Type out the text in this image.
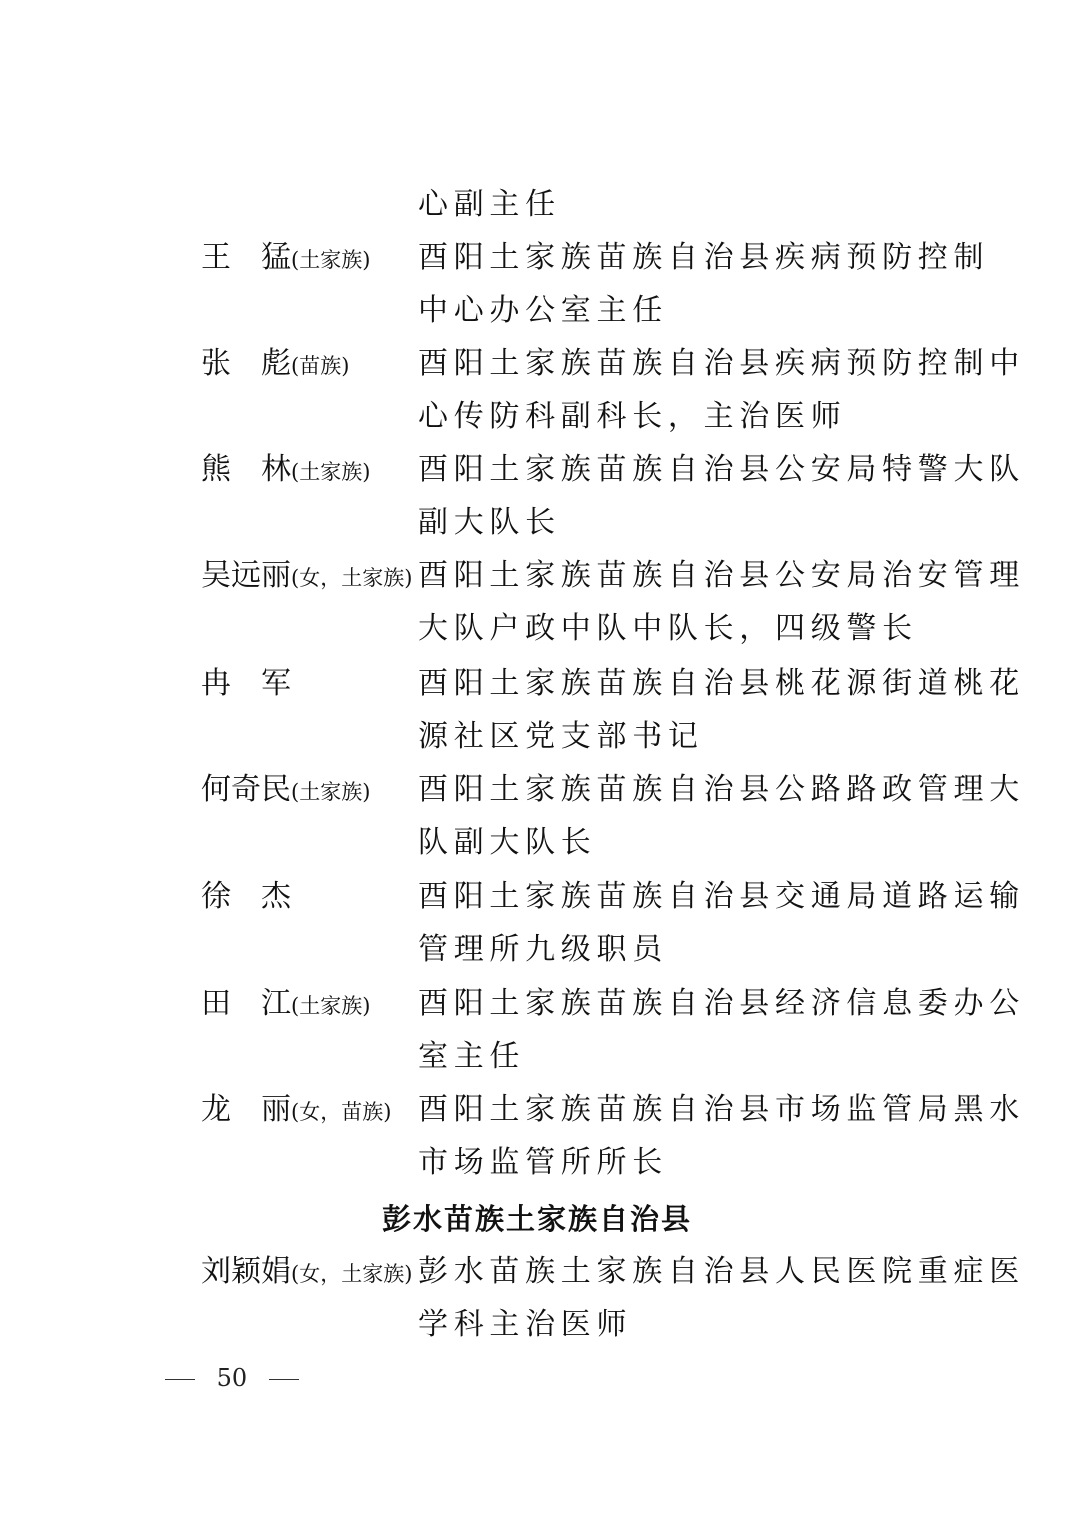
心副主任
王　猛(土家族)	酉阳土家族苗族自治县疾病预防控制
中心办公室主任
张　彪(苗族)	酉阳土家族苗族自治县疾病预防控制中
心传防科副科长，主治医师
熊　林(土家族)	酉阳土家族苗族自治县公安局特警大队
副大队长
吴远丽(女，土家族) 酉阳土家族苗族自治县公安局治安管理
大队户政中队中队长，四级警长
冉　军	酉阳土家族苗族自治县桃花源街道桃花
源社区党支部书记
何奇民(土家族)	酉阳土家族苗族自治县公路路政管理大
队副大队长
徐　杰	酉阳土家族苗族自治县交通局道路运输
管理所九级职员
田　江(土家族)	酉阳土家族苗族自治县经济信息委办公
室主任
龙　丽(女，苗族) 酉阳土家族苗族自治县市场监管局黑水
市场监管所所长
彭水苗族土家族自治县
刘颖娟(女，土家族) 彭水苗族土家族自治县人民医院重症医
学科主治医师
50
